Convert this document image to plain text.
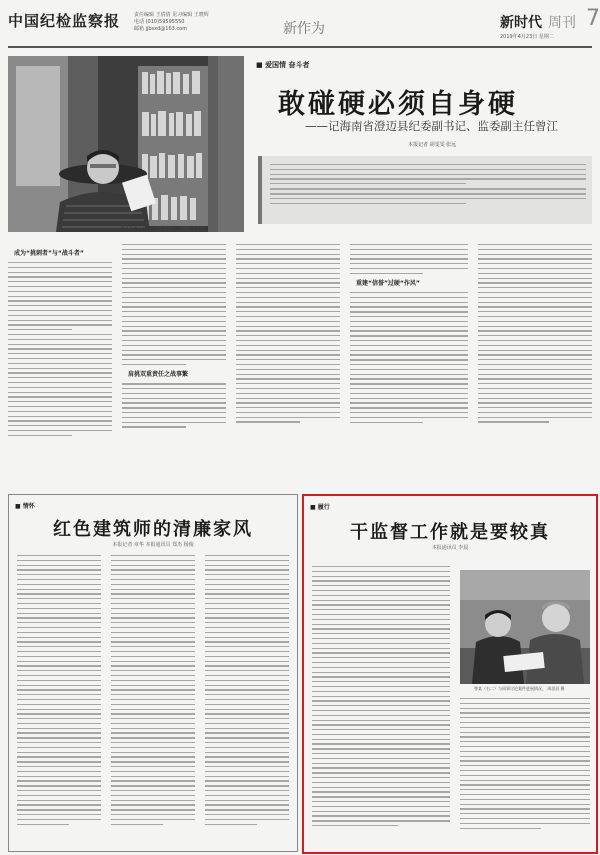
中国纪检监察报	责任编辑 王倩倩 见习编辑 王晓辉
电话 (010)59595550
邮箱 jjbsxd@163.com	新作为	新时代 周刊 7
2019年4月23日 星期二
曾江在办公室查阅有关学习资料。 周思羽 摄
■ 爱国情 奋斗者
敢碰硬必须自身硬
——记海南省澄迈县纪委副书记、监委副主任曾江
本报记者 胡雯雯 张远
成为“挑刺者”与“战斗者”
肩挑双重责任之战事繁
重建“信誉”过硬“作风”
■ 情怀
红色建筑师的清廉家风
本报记者 章华 本报通讯员 郑杰 杨俊
■ 履行
干监督工作就是要较真
本报通讯员 李晨
曾某（右二）与同事讨论案件进展情况。 周思羽 摄
